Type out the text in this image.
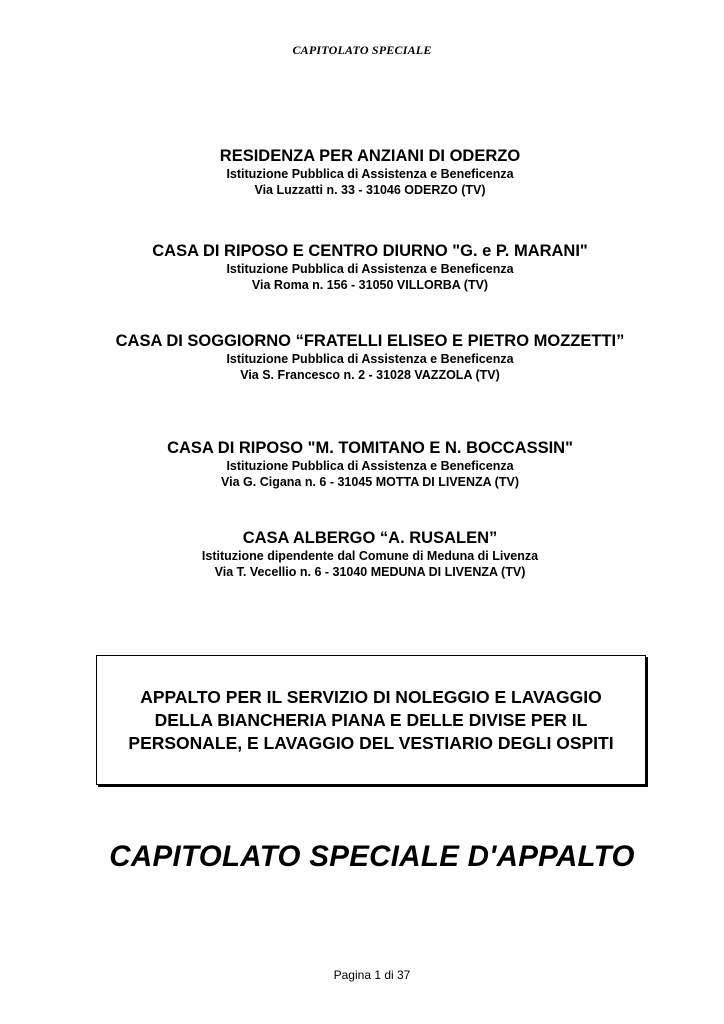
CAPITOLATO SPECIALE
RESIDENZA PER ANZIANI DI ODERZO
Istituzione Pubblica di Assistenza e Beneficenza
Via Luzzatti n. 33 - 31046 ODERZO (TV)
CASA DI RIPOSO E CENTRO DIURNO "G. e P. MARANI"
Istituzione Pubblica di Assistenza e Beneficenza
Via Roma n. 156 - 31050 VILLORBA (TV)
CASA DI SOGGIORNO “FRATELLI ELISEO E PIETRO MOZZETTI”
Istituzione Pubblica di Assistenza e Beneficenza
Via S. Francesco n. 2 - 31028 VAZZOLA (TV)
CASA DI RIPOSO "M. TOMITANO E N. BOCCASSIN"
Istituzione Pubblica di Assistenza e Beneficenza
Via G. Cigana n. 6 - 31045 MOTTA DI LIVENZA (TV)
CASA ALBERGO “A. RUSALEN”
Istituzione dipendente dal Comune di Meduna di Livenza
Via T. Vecellio n. 6 - 31040 MEDUNA DI LIVENZA (TV)
APPALTO PER IL SERVIZIO DI NOLEGGIO E LAVAGGIO DELLA BIANCHERIA PIANA E DELLE DIVISE PER IL PERSONALE, E LAVAGGIO DEL VESTIARIO DEGLI OSPITI
CAPITOLATO SPECIALE D'APPALTO
Pagina 1 di 37
